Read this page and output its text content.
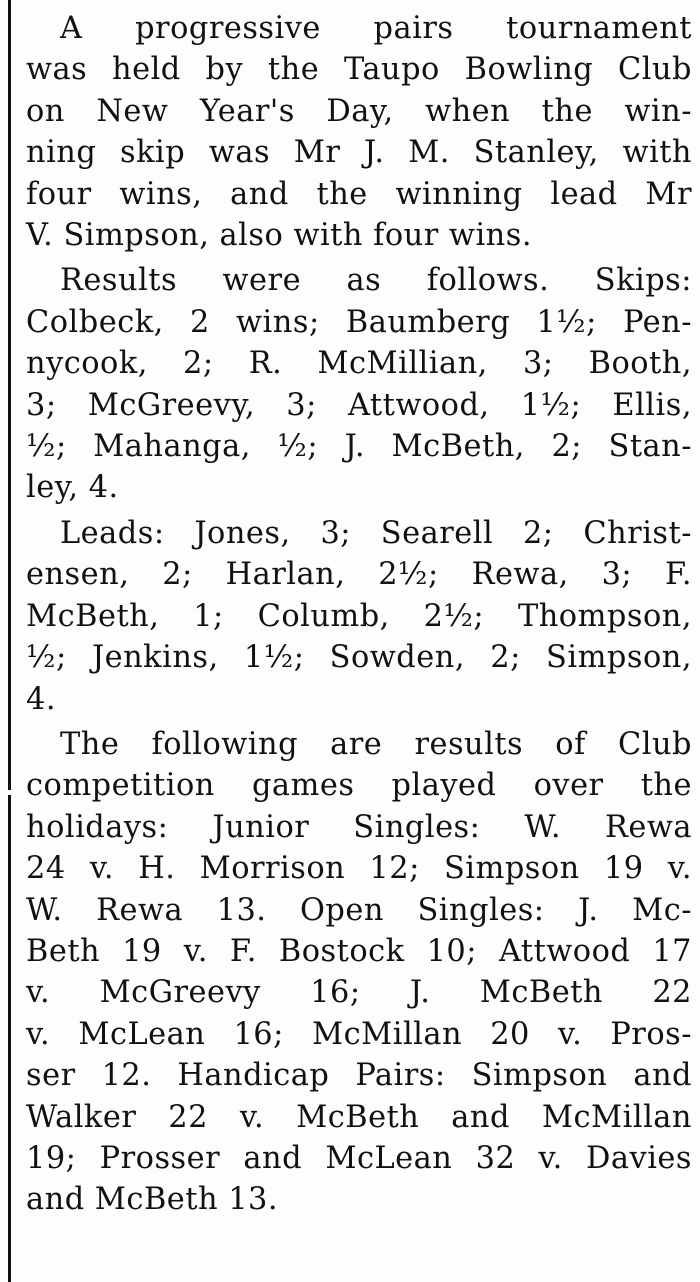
A progressive pairs tournament
was held by the Taupo Bowling Club
on New Year's Day, when the win-
ning skip was Mr J. M. Stanley, with
four wins, and the winning lead Mr
V. Simpson, also with four wins.
Results were as follows. Skips:
Colbeck, 2 wins; Baumberg 1½; Pen-
nycook, 2; R. McMillian, 3; Booth,
3; McGreevy, 3; Attwood, 1½; Ellis,
½; Mahanga, ½; J. McBeth, 2; Stan-
ley, 4.
Leads: Jones, 3; Searell 2; Christ-
ensen, 2; Harlan, 2½; Rewa, 3; F.
McBeth, 1; Columb, 2½; Thompson,
½; Jenkins, 1½; Sowden, 2; Simpson,
4.
The following are results of Club
competition games played over the
holidays: Junior Singles: W. Rewa
24 v. H. Morrison 12; Simpson 19 v.
W. Rewa 13. Open Singles: J. Mc-
Beth 19 v. F. Bostock 10; Attwood 17
v. McGreevy 16; J. McBeth 22
v. McLean 16; McMillan 20 v. Pros-
ser 12. Handicap Pairs: Simpson and
Walker 22 v. McBeth and McMillan
19; Prosser and McLean 32 v. Davies
and McBeth 13.
